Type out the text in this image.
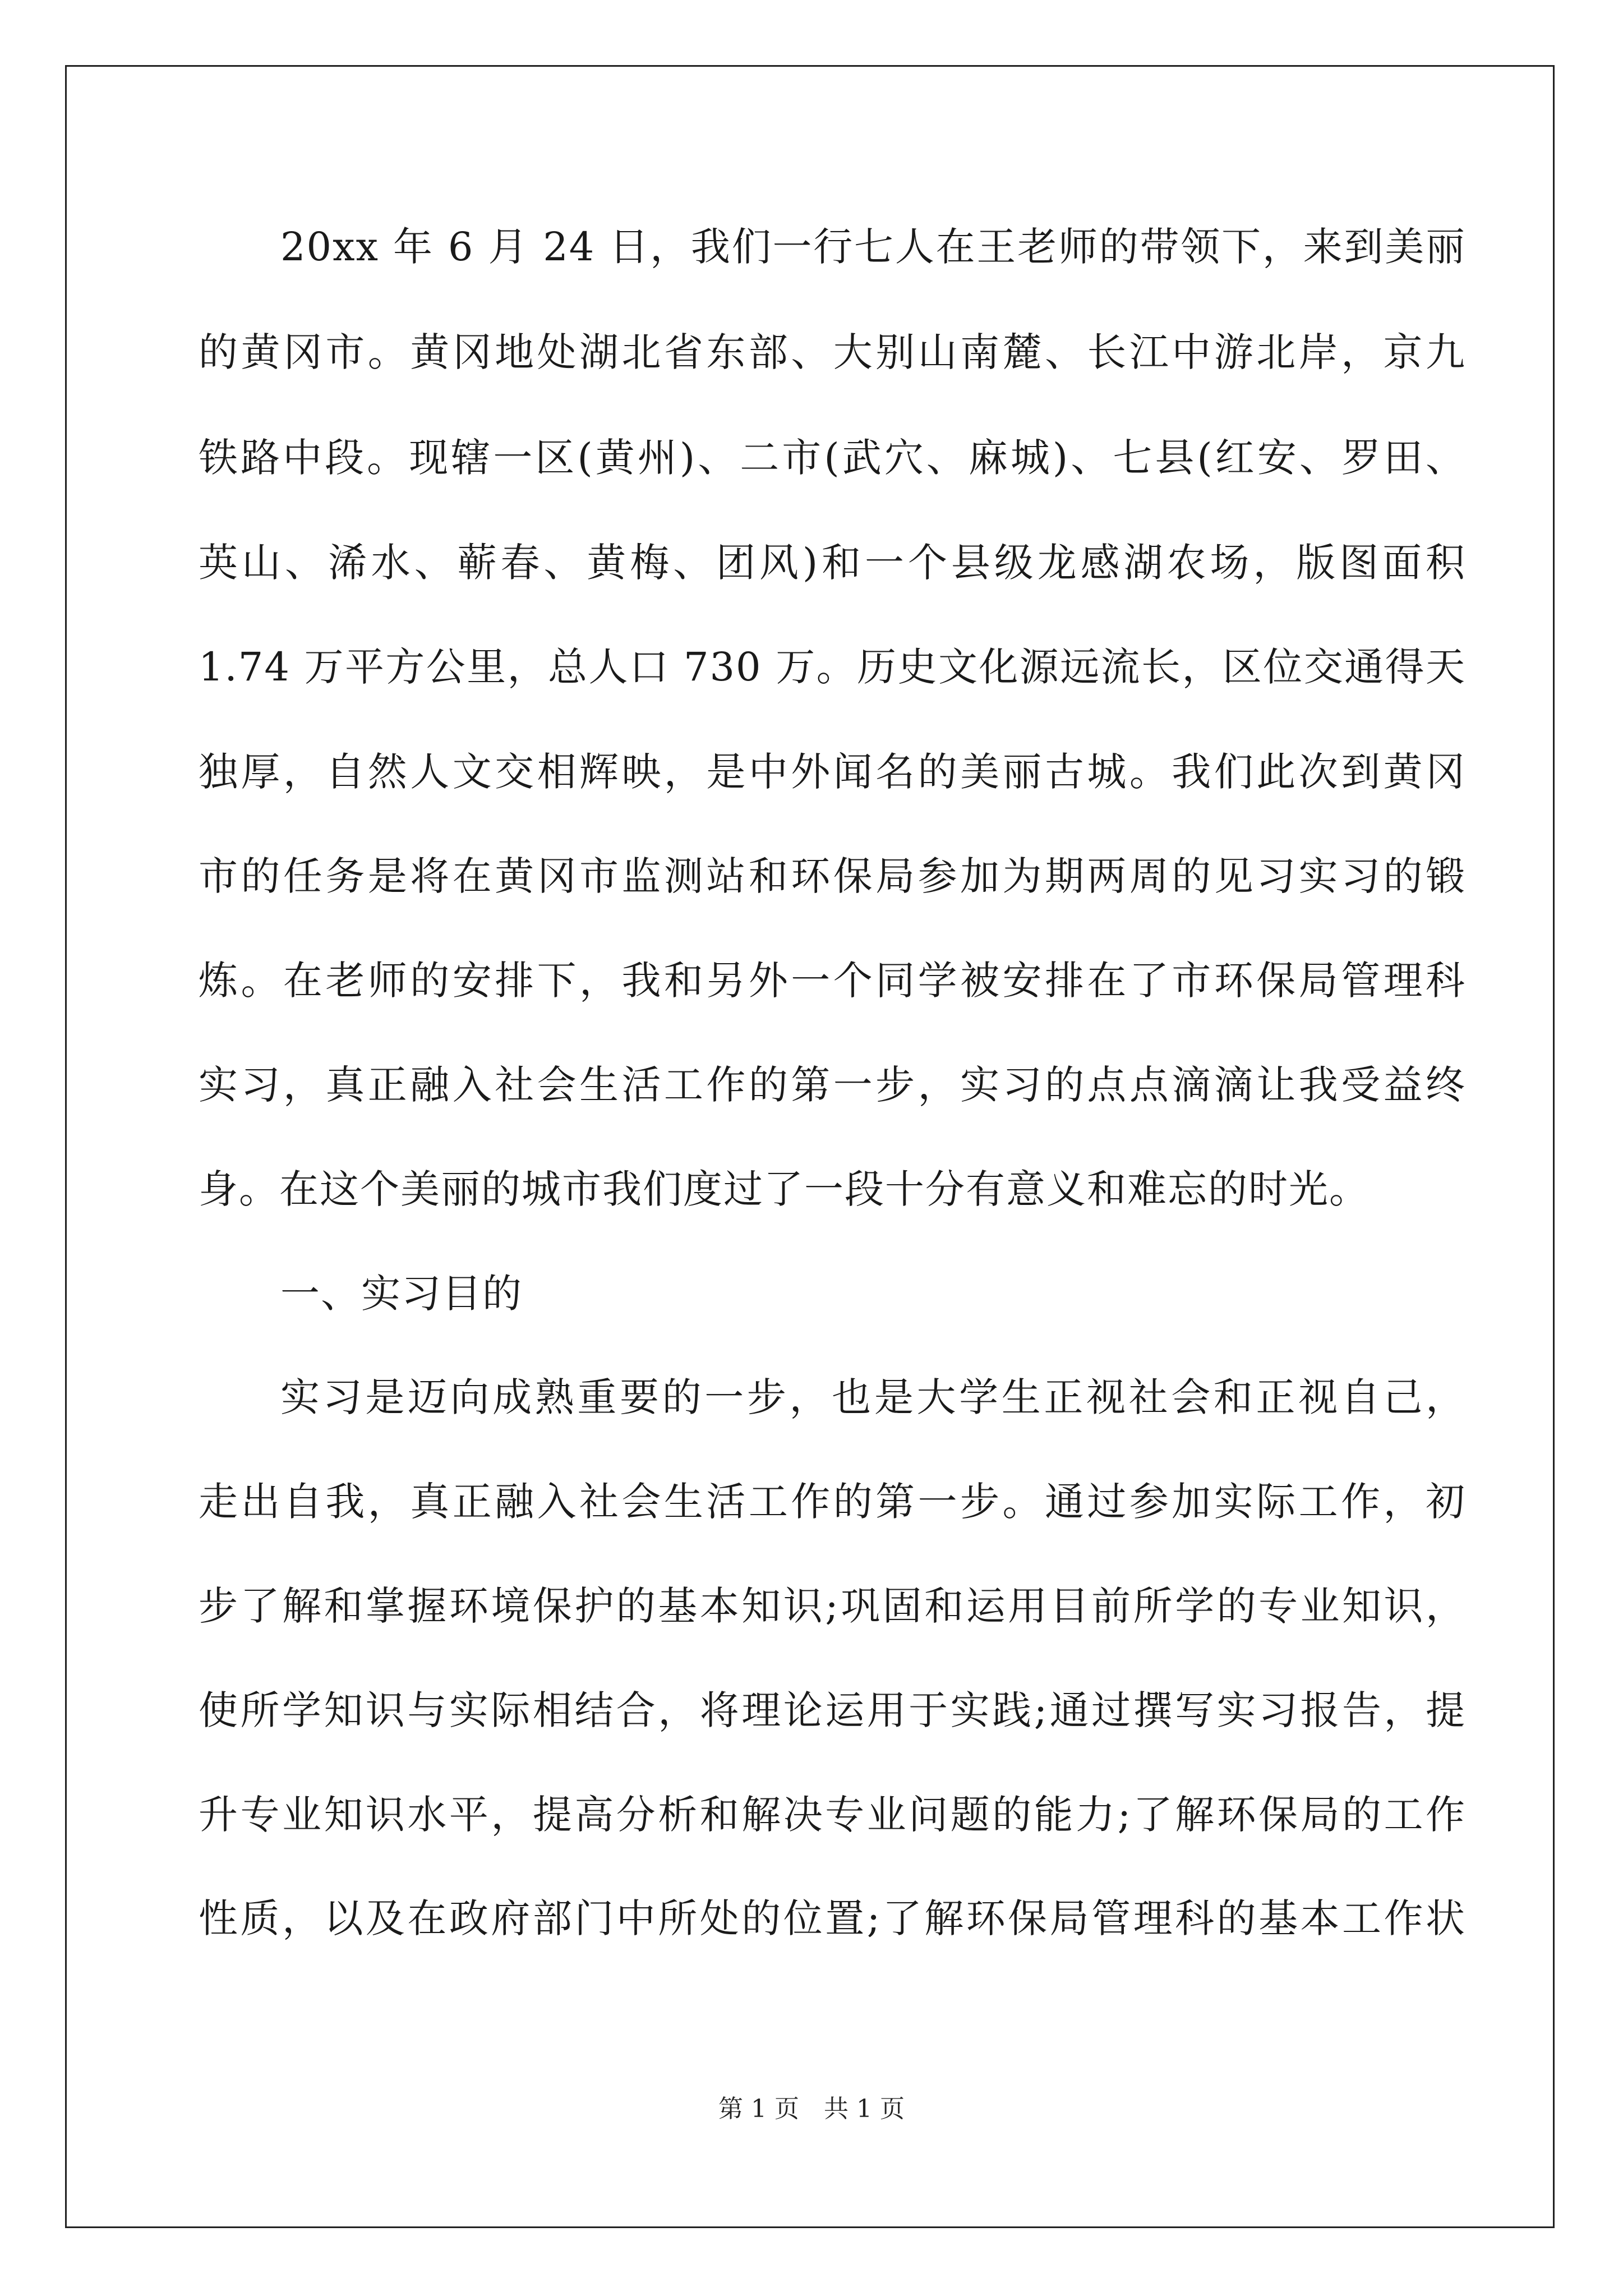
20xx 年 6 月 24 日，我们一行七人在王老师的带领下，来到美丽
的黄冈市。黄冈地处湖北省东部、大别山南麓、长江中游北岸，京九
铁路中段。现辖一区(黄州)、二市(武穴、麻城)、七县(红安、罗田、
英山、浠水、蕲春、黄梅、团风)和一个县级龙感湖农场，版图面积
1.74 万平方公里，总人口 730 万。历史文化源远流长，区位交通得天
独厚，自然人文交相辉映，是中外闻名的美丽古城。我们此次到黄冈
市的任务是将在黄冈市监测站和环保局参加为期两周的见习实习的锻
炼。在老师的安排下，我和另外一个同学被安排在了市环保局管理科
实习，真正融入社会生活工作的第一步，实习的点点滴滴让我受益终
身。在这个美丽的城市我们度过了一段十分有意义和难忘的时光。
一、实习目的
实习是迈向成熟重要的一步，也是大学生正视社会和正视自己，
走出自我，真正融入社会生活工作的第一步。通过参加实际工作，初
步了解和掌握环境保护的基本知识;巩固和运用目前所学的专业知识，
使所学知识与实际相结合，将理论运用于实践;通过撰写实习报告，提
升专业知识水平，提高分析和解决专业问题的能力;了解环保局的工作
性质，以及在政府部门中所处的位置;了解环保局管理科的基本工作状
第 1 页　共 1 页
